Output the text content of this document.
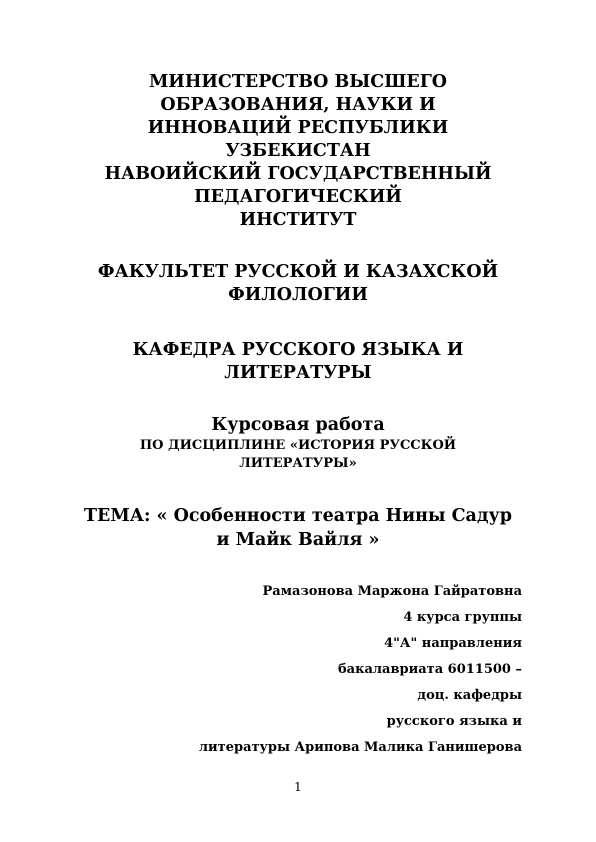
МИНИСТЕРСТВО ВЫСШЕГО
ОБРАЗОВАНИЯ, НАУКИ И
ИННОВАЦИЙ РЕСПУБЛИКИ
УЗБЕКИСТАН
НАВОИЙСКИЙ ГОСУДАРСТВЕННЫЙ
ПЕДАГОГИЧЕСКИЙ
ИНСТИТУТ
ФАКУЛЬТЕТ РУССКОЙ И КАЗАХСКОЙ
ФИЛОЛОГИИ
КАФЕДРА РУССКОГО ЯЗЫКА И
ЛИТЕРАТУРЫ
Курсовая работа
ПО ДИСЦИПЛИНЕ «ИСТОРИЯ РУССКОЙ
ЛИТЕРАТУРЫ»
ТЕМА: « Особенности театра Нины Садур
и Майк Вайля »
Рамазонова Маржона Гайратовна
4 курса группы
4"А" направления
бакалавриата 6011500 –
доц. кафедры
русского языка и
литературы Арипова Малика Ганишерова
1
